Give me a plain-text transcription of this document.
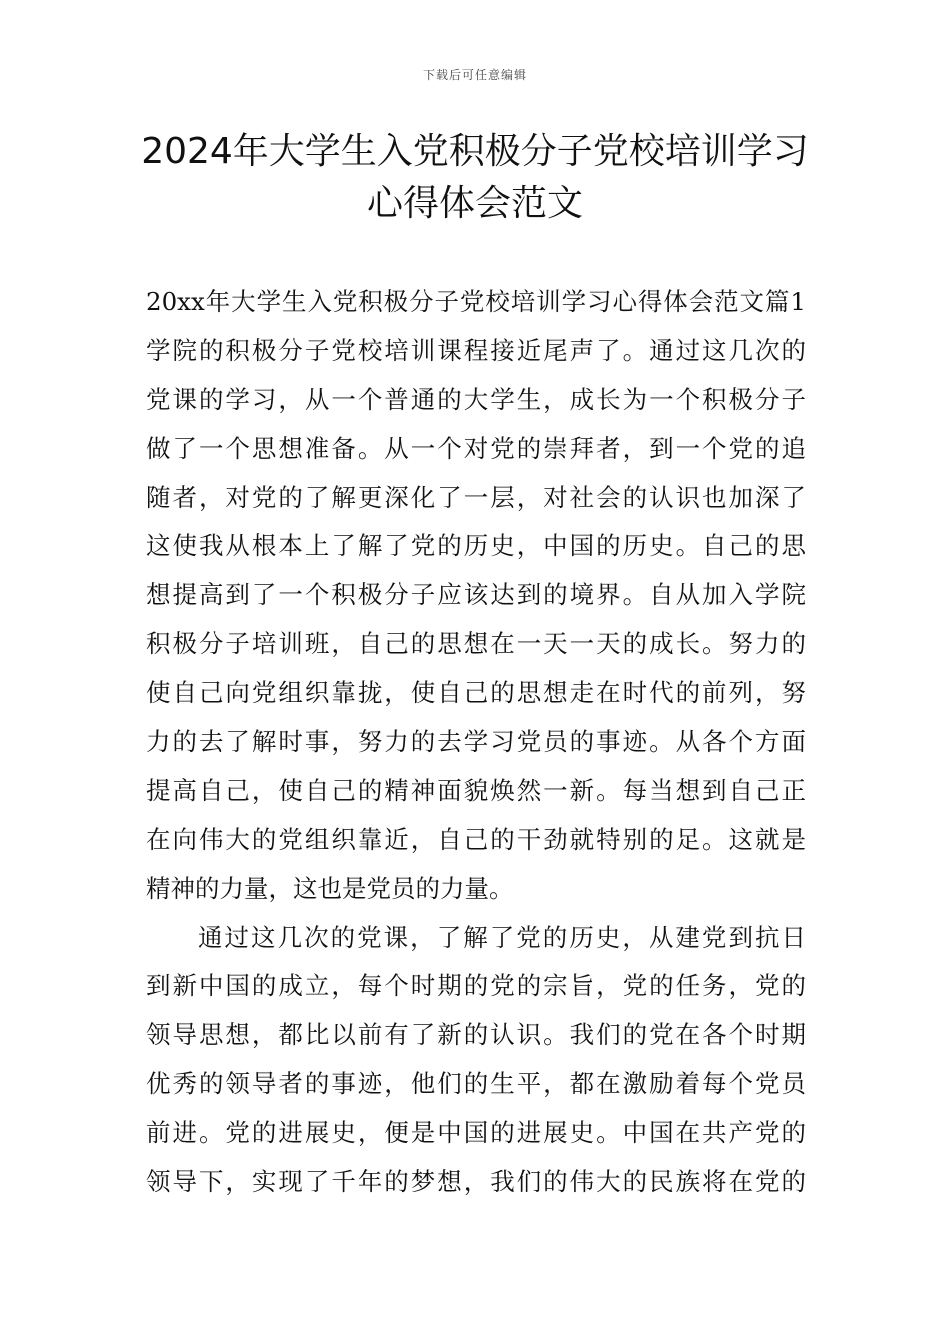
下载后可任意编辑
2024年大学生入党积极分子党校培训学习
心得体会范文
20xx年大学生入党积极分子党校培训学习心得体会范文篇1
学院的积极分子党校培训课程接近尾声了。通过这几次的
党课的学习，从一个普通的大学生，成长为一个积极分子
做了一个思想准备。从一个对党的崇拜者，到一个党的追
随者，对党的了解更深化了一层，对社会的认识也加深了
这使我从根本上了解了党的历史，中国的历史。自己的思
想提高到了一个积极分子应该达到的境界。自从加入学院
积极分子培训班，自己的思想在一天一天的成长。努力的
使自己向党组织靠拢，使自己的思想走在时代的前列，努
力的去了解时事，努力的去学习党员的事迹。从各个方面
提高自己，使自己的精神面貌焕然一新。每当想到自己正
在向伟大的党组织靠近，自己的干劲就特别的足。这就是
精神的力量，这也是党员的力量。
通过这几次的党课，了解了党的历史，从建党到抗日
到新中国的成立，每个时期的党的宗旨，党的任务，党的
领导思想，都比以前有了新的认识。我们的党在各个时期
优秀的领导者的事迹，他们的生平，都在激励着每个党员
前进。党的进展史，便是中国的进展史。中国在共产党的
领导下，实现了千年的梦想，我们的伟大的民族将在党的
